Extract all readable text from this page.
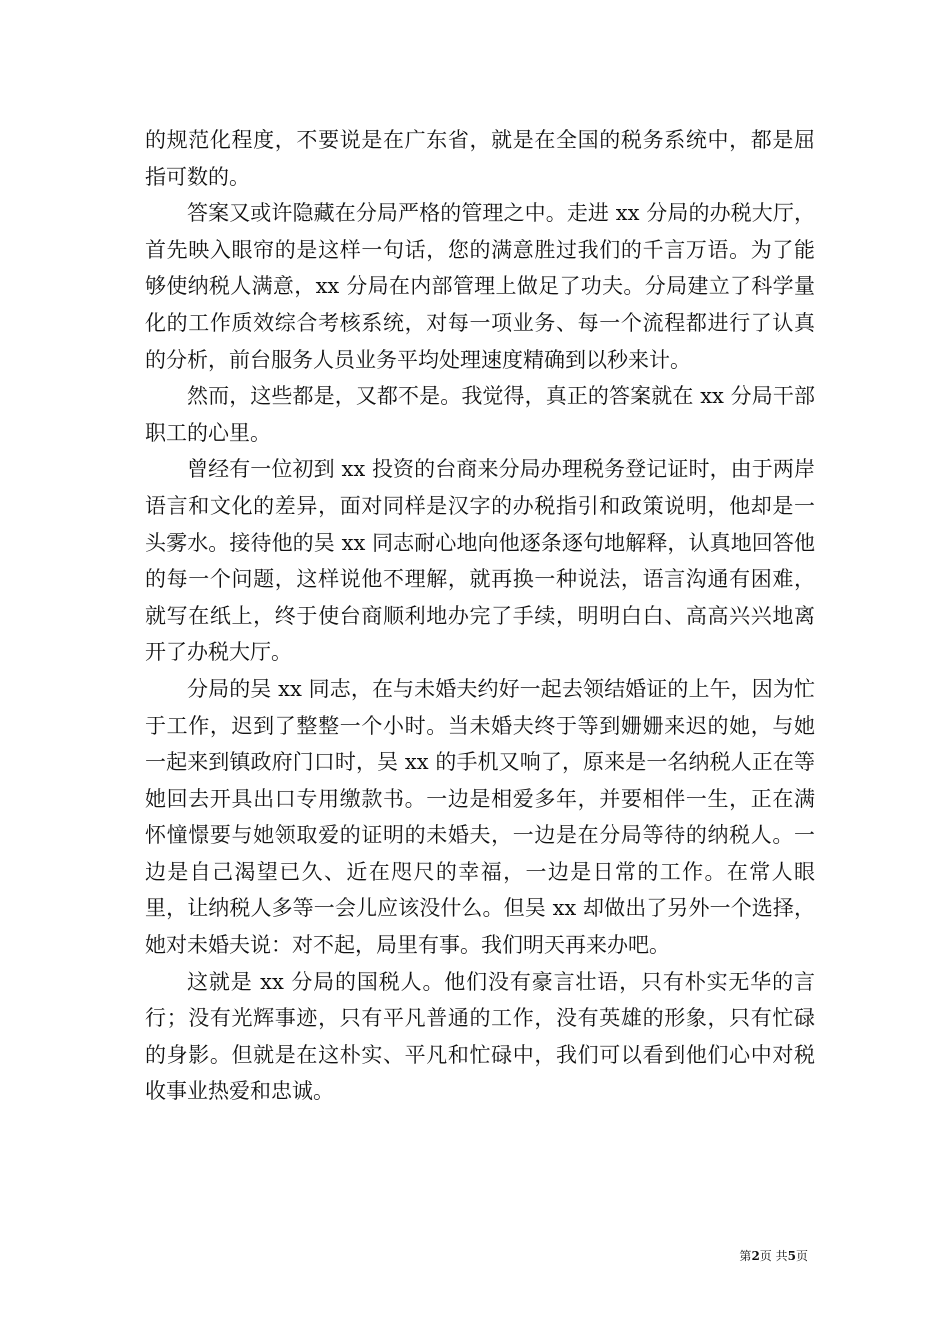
的规范化程度，不要说是在广东省，就是在全国的税务系统中，都是屈指可数的。

答案又或许隐藏在分局严格的管理之中。走进 xx 分局的办税大厅，首先映入眼帘的是这样一句话，您的满意胜过我们的千言万语。为了能够使纳税人满意，xx 分局在内部管理上做足了功夫。分局建立了科学量化的工作质效综合考核系统，对每一项业务、每一个流程都进行了认真的分析，前台服务人员业务平均处理速度精确到以秒来计。

然而，这些都是，又都不是。我觉得，真正的答案就在 xx 分局干部职工的心里。

曾经有一位初到 xx 投资的台商来分局办理税务登记证时，由于两岸语言和文化的差异，面对同样是汉字的办税指引和政策说明，他却是一头雾水。接待他的吴 xx 同志耐心地向他逐条逐句地解释，认真地回答他的每一个问题，这样说他不理解，就再换一种说法，语言沟通有困难，就写在纸上，终于使台商顺利地办完了手续，明明白白、高高兴兴地离开了办税大厅。

分局的吴 xx 同志，在与未婚夫约好一起去领结婚证的上午，因为忙于工作，迟到了整整一个小时。当未婚夫终于等到姗姗来迟的她，与她一起来到镇政府门口时，吴 xx 的手机又响了，原来是一名纳税人正在等她回去开具出口专用缴款书。一边是相爱多年，并要相伴一生，正在满怀憧憬要与她领取爱的证明的未婚夫，一边是在分局等待的纳税人。一边是自己渴望已久、近在咫尺的幸福，一边是日常的工作。在常人眼里，让纳税人多等一会儿应该没什么。但吴 xx 却做出了另外一个选择，她对未婚夫说：对不起，局里有事。我们明天再来办吧。

这就是 xx 分局的国税人。他们没有豪言壮语，只有朴实无华的言行；没有光辉事迹，只有平凡普通的工作，没有英雄的形象，只有忙碌的身影。但就是在这朴实、平凡和忙碌中，我们可以看到他们心中对税收事业热爱和忠诚。

第2页 共5页
